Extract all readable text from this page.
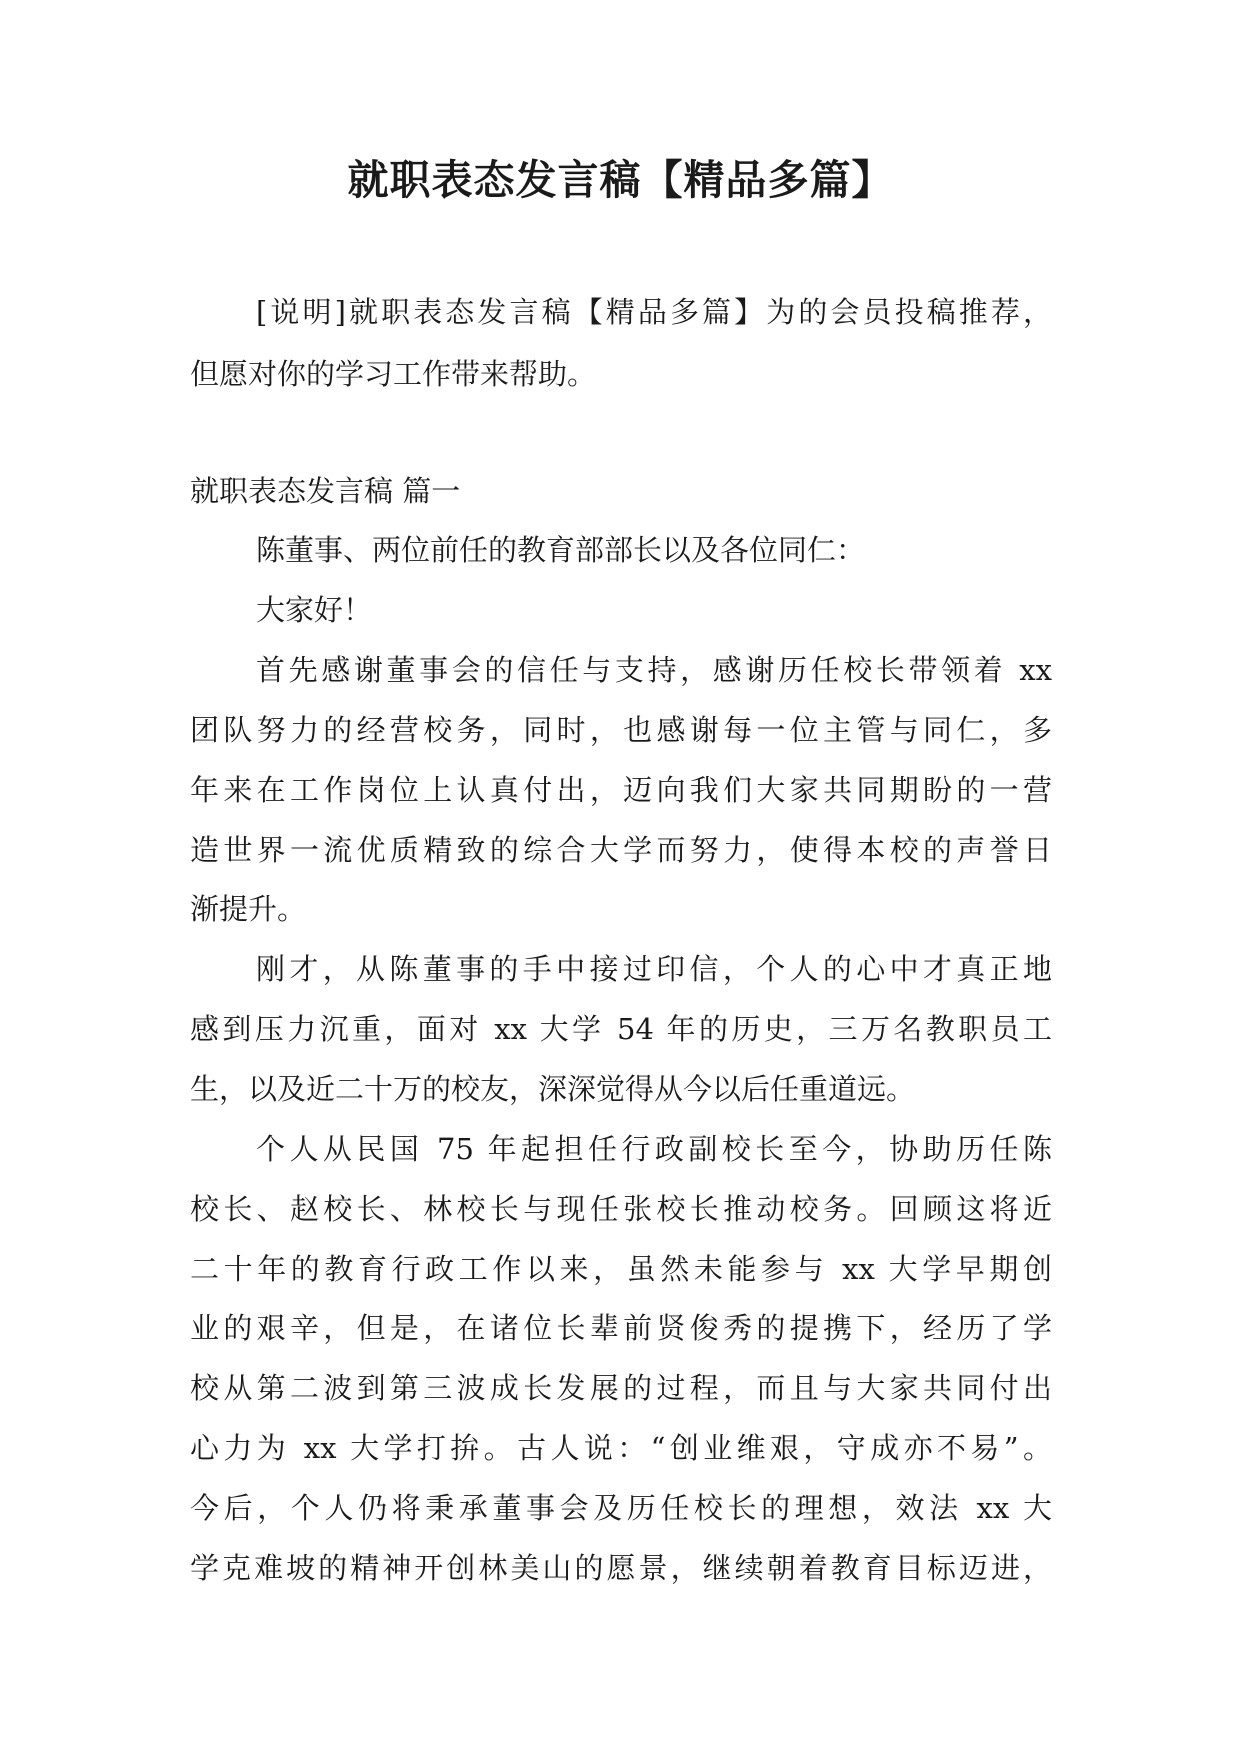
就职表态发言稿【精品多篇】
[说明]就职表态发言稿【精品多篇】为的会员投稿推荐，
但愿对你的学习工作带来帮助。
就职表态发言稿 篇一
陈董事、两位前任的教育部部长以及各位同仁：
大家好！
首先感谢董事会的信任与支持，感谢历任校长带领着 xx
团队努力的经营校务，同时，也感谢每一位主管与同仁，多
年来在工作岗位上认真付出，迈向我们大家共同期盼的一营
造世界一流优质精致的综合大学而努力，使得本校的声誉日
渐提升。
刚才，从陈董事的手中接过印信，个人的心中才真正地
感到压力沉重，面对 xx 大学 54 年的历史，三万名教职员工
生，以及近二十万的校友，深深觉得从今以后任重道远。
个人从民国 75 年起担任行政副校长至今，协助历任陈
校长、赵校长、林校长与现任张校长推动校务。回顾这将近
二十年的教育行政工作以来，虽然未能参与 xx 大学早期创
业的艰辛，但是，在诸位长辈前贤俊秀的提携下，经历了学
校从第二波到第三波成长发展的过程，而且与大家共同付出
心力为 xx 大学打拚。古人说：“创业维艰，守成亦不易”。
今后，个人仍将秉承董事会及历任校长的理想，效法 xx 大
学克难坡的精神开创林美山的愿景，继续朝着教育目标迈进，
